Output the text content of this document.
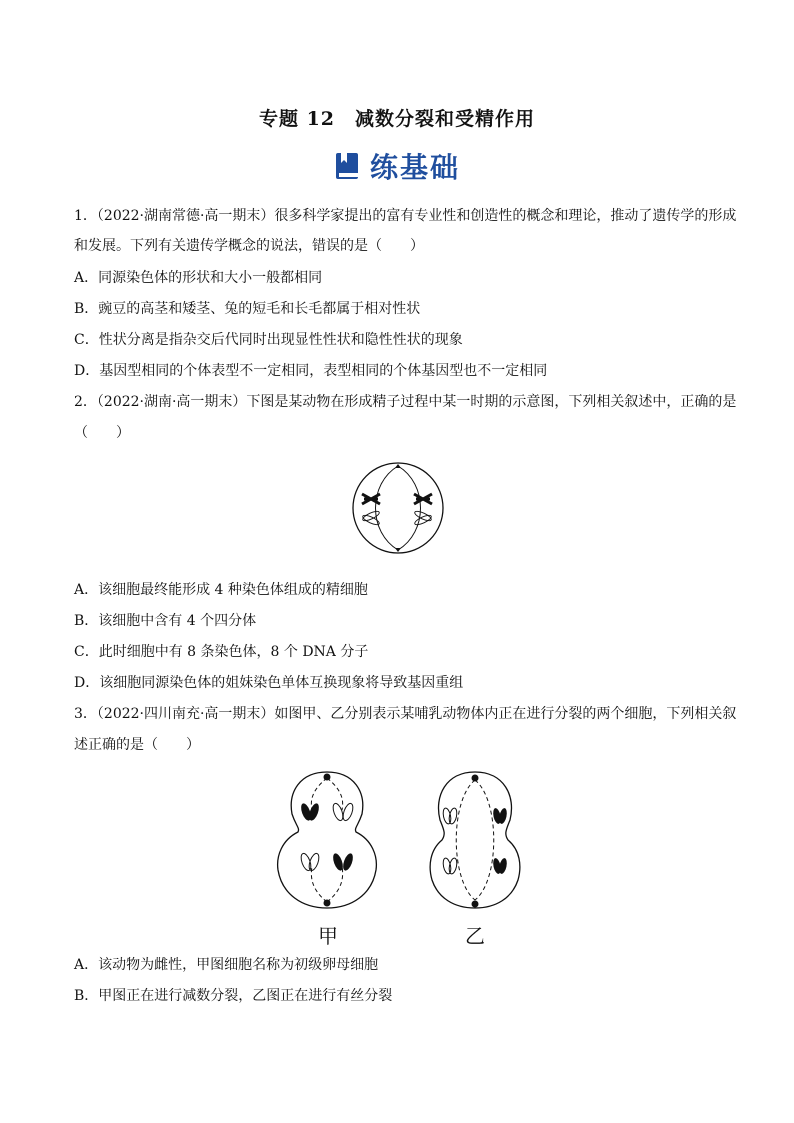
专题 12　减数分裂和受精作用
练基础
1．（2022·湖南常德·高一期末）很多科学家提出的富有专业性和创造性的概念和理论，推动了遗传学的形成
和发展。下列有关遗传学概念的说法，错误的是（　　）
A．同源染色体的形状和大小一般都相同
B．豌豆的高茎和矮茎、兔的短毛和长毛都属于相对性状
C．性状分离是指杂交后代同时出现显性性状和隐性性状的现象
D．基因型相同的个体表型不一定相同，表型相同的个体基因型也不一定相同
2．（2022·湖南·高一期末）下图是某动物在形成精子过程中某一时期的示意图，下列相关叙述中，正确的是
（　　）
A．该细胞最终能形成 4 种染色体组成的精细胞
B．该细胞中含有 4 个四分体
C．此时细胞中有 8 条染色体，8 个 DNA 分子
D．该细胞同源染色体的姐妹染色单体互换现象将导致基因重组
3．（2022·四川南充·高一期末）如图甲、乙分别表示某哺乳动物体内正在进行分裂的两个细胞，下列相关叙
述正确的是（　　）
甲	乙
A．该动物为雌性，甲图细胞名称为初级卵母细胞
B．甲图正在进行减数分裂，乙图正在进行有丝分裂
